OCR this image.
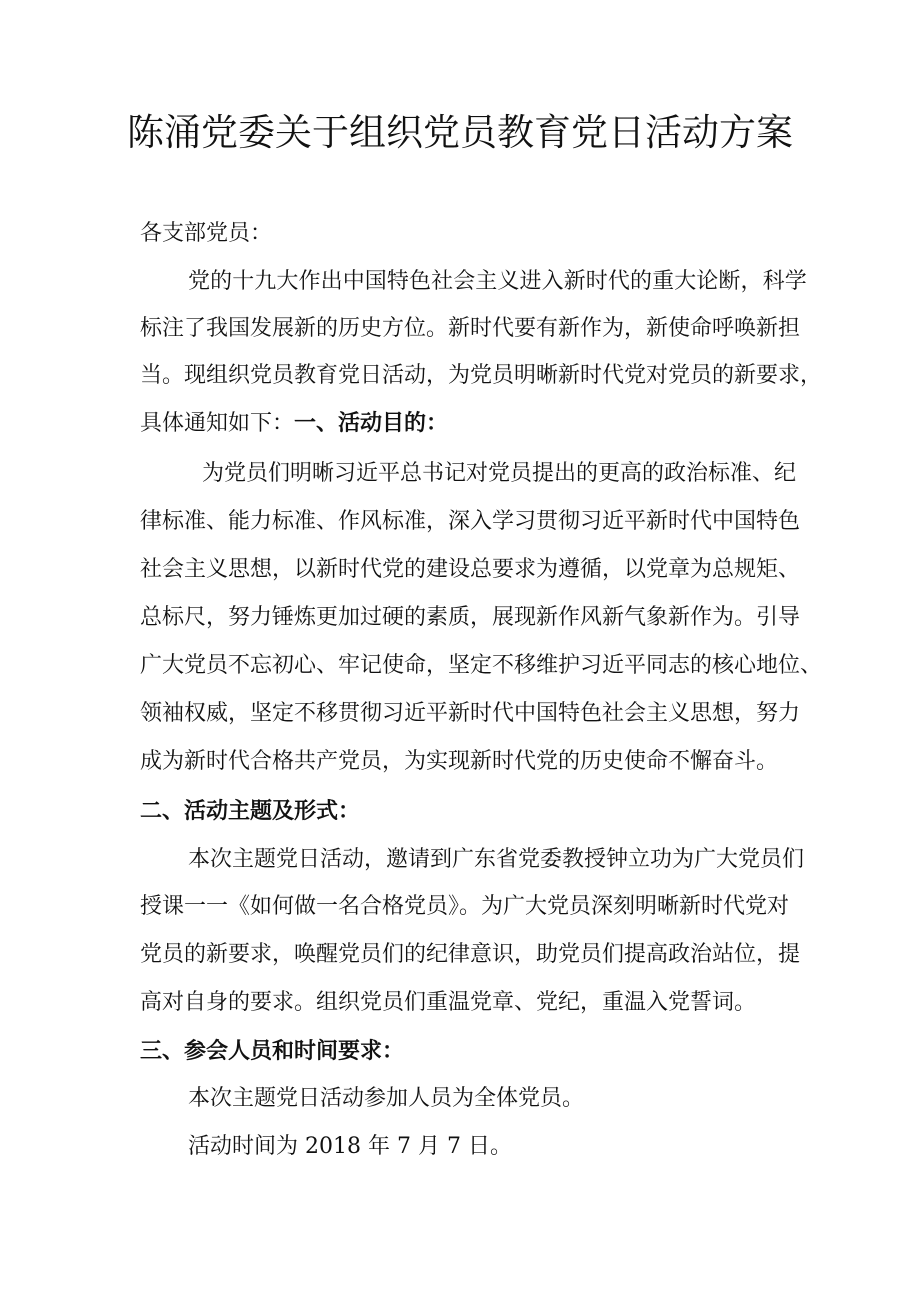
陈涌党委关于组织党员教育党日活动方案

各支部党员：

党的十九大作出中国特色社会主义进入新时代的重大论断，科学

标注了我国发展新的历史方位。新时代要有新作为，新使命呼唤新担

当。现组织党员教育党日活动，为党员明晰新时代党对党员的新要求，

具体通知如下：一、活动目的：

为党员们明晰习近平总书记对党员提出的更高的政治标准、纪

律标准、能力标准、作风标准，深入学习贯彻习近平新时代中国特色

社会主义思想，以新时代党的建设总要求为遵循，以党章为总规矩、

总标尺，努力锤炼更加过硬的素质，展现新作风新气象新作为。引导

广大党员不忘初心、牢记使命，坚定不移维护习近平同志的核心地位、

领袖权威，坚定不移贯彻习近平新时代中国特色社会主义思想，努力

成为新时代合格共产党员，为实现新时代党的历史使命不懈奋斗。

二、活动主题及形式：

本次主题党日活动，邀请到广东省党委教授钟立功为广大党员们

授课一一《如何做一名合格党员》。为广大党员深刻明晰新时代党对

党员的新要求，唤醒党员们的纪律意识，助党员们提高政治站位，提

高对自身的要求。组织党员们重温党章、党纪，重温入党誓词。

三、参会人员和时间要求：

本次主题党日活动参加人员为全体党员。

活动时间为 2018 年 7 月 7 日。
